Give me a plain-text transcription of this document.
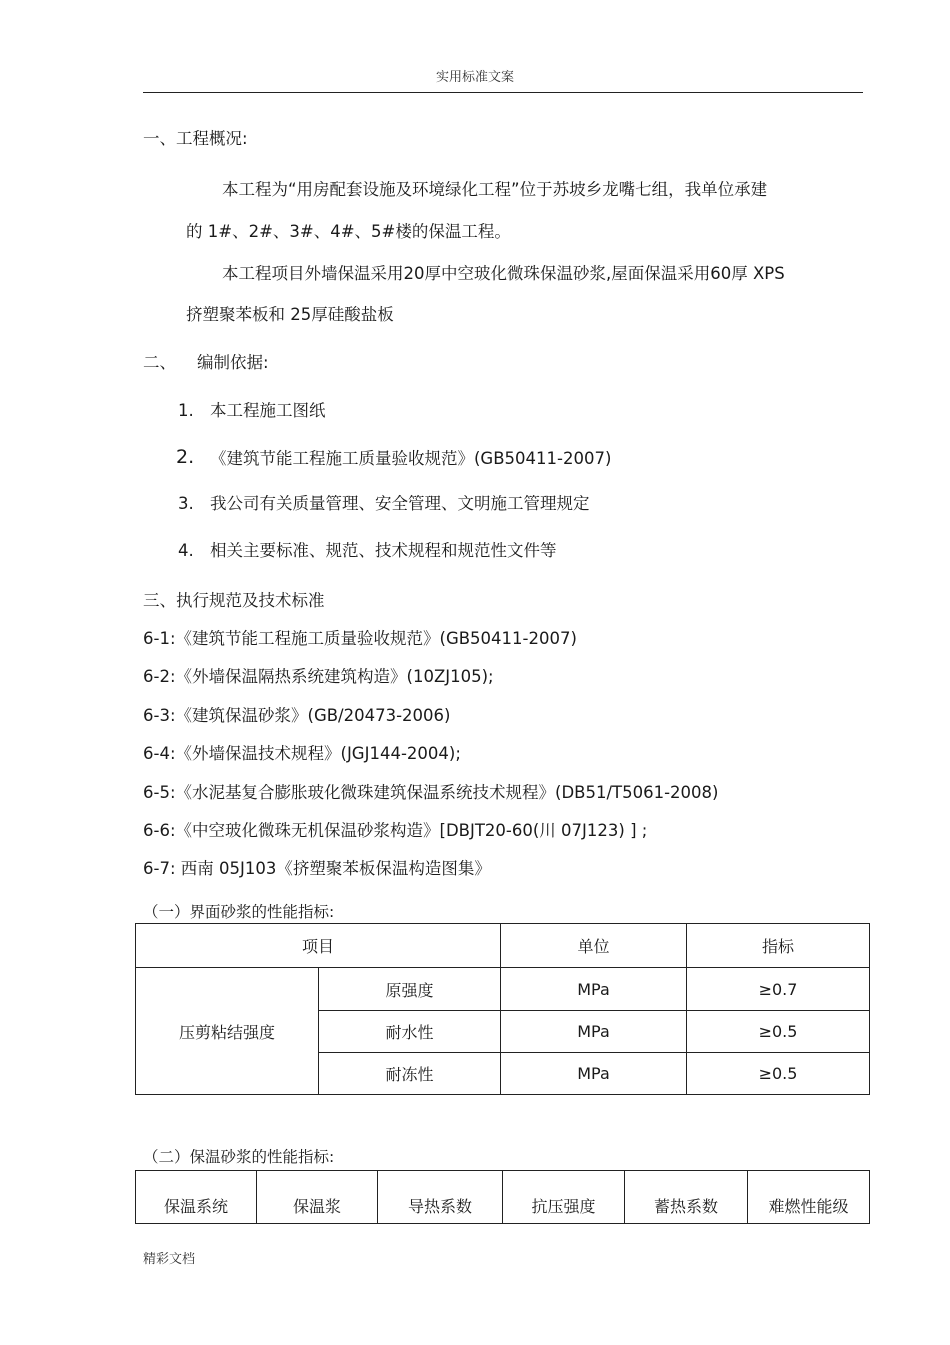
实用标准文案
一、工程概况:
本工程为“用房配套设施及环境绿化工程”位于苏坡乡龙嘴七组，我单位承建
的 1#、2#、3#、4#、5#楼的保温工程。
本工程项目外墙保温采用20厚中空玻化微珠保温砂浆,屋面保温采用60厚 XPS
挤塑聚苯板和 25厚硅酸盐板
二、 编制依据:
1. 本工程施工图纸
2. 《建筑节能工程施工质量验收规范》(GB50411-2007)
3. 我公司有关质量管理、安全管理、文明施工管理规定
4. 相关主要标准、规范、技术规程和规范性文件等
三、执行规范及技术标准
6-1:《建筑节能工程施工质量验收规范》(GB50411-2007)
6-2:《外墙保温隔热系统建筑构造》(10ZJ105);
6-3:《建筑保温砂浆》(GB/20473-2006)
6-4:《外墙保温技术规程》(JGJ144-2004);
6-5:《水泥基复合膨胀玻化微珠建筑保温系统技术规程》(DB51/T5061-2008)
6-6:《中空玻化微珠无机保温砂浆构造》[DBJT20-60(川 07J123) ] ;
6-7: 西南 05J103《挤塑聚苯板保温构造图集》
（一）界面砂浆的性能指标:
项目		单位	指标
压剪粘结强度	原强度	MPa	≥0.7
	耐水性	MPa	≥0.5
	耐冻性	MPa	≥0.5
（二）保温砂浆的性能指标:
保温系统	保温浆	导热系数	抗压强度	蓄热系数	难燃性能级
精彩文档
